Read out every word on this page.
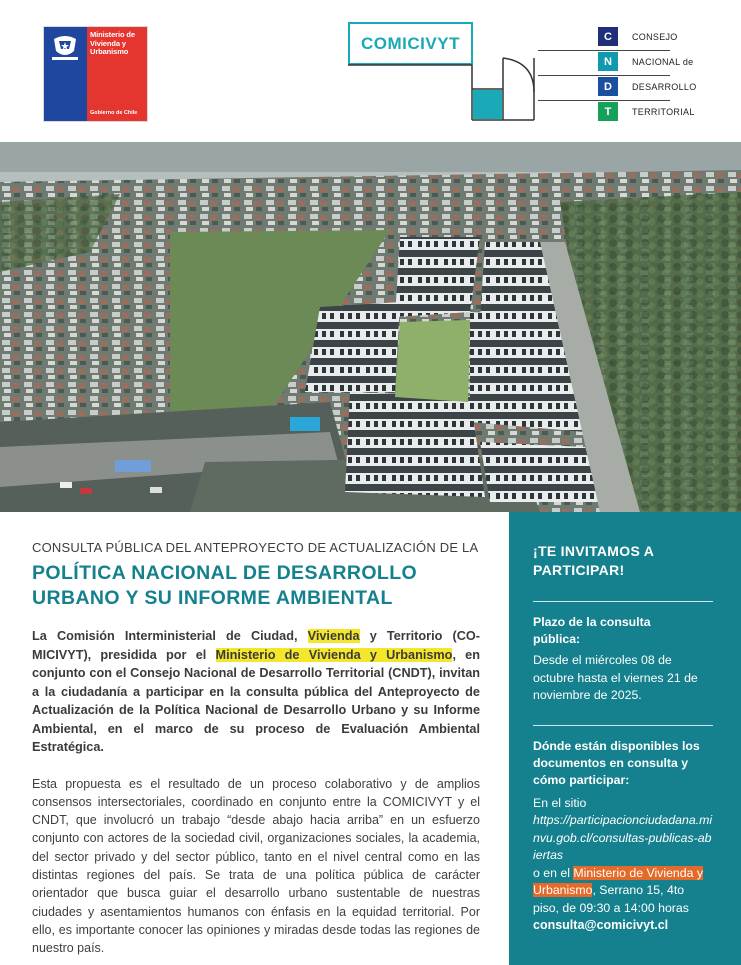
Ministerio de
Vivienda y
Urbanismo
Gobierno de Chile
COMICIVYT	C	CONSEJO
N	NACIONAL de
D	DESARROLLO
T	TERRITORIAL
CONSULTA PÚBLICA DEL ANTEPROYECTO DE ACTUALIZACIÓN DE LA
POLÍTICA NACIONAL DE DESARROLLO
URBANO Y SU INFORME AMBIENTAL

La Comisión Interministerial de Ciudad, Vivienda y Territorio (CO-MICIVYT), presidida por el Ministerio de Vivienda y Urbanismo, en conjunto con el Consejo Nacional de Desarrollo Territorial (CNDT), invitan a la ciudadanía a participar en la consulta pública del Anteproyecto de Actualización de la Política Nacional de Desarrollo Urbano y su Informe Ambiental, en el marco de su proceso de Evaluación Ambiental Estratégica.

Esta propuesta es el resultado de un proceso colaborativo y de amplios consensos intersectoriales, coordinado en conjunto entre la COMICIVYT y el CNDT, que involucró un trabajo “desde abajo hacia arriba” en un esfuerzo conjunto con actores de la sociedad civil, organizaciones sociales, la academia, del sector privado y del sector público, tanto en el nivel central como en las distintas regiones del país. Se trata de una política pública de carácter orientador que busca guiar el desarrollo urbano sustentable de nuestras ciudades y asentamientos humanos con énfasis en la equidad territorial. Por ello, es importante conocer las opiniones y miradas desde todas las regiones de nuestro país.

¡TE INVITAMOS A PARTICIPAR!
Plazo de la consulta pública:
Desde el miércoles 08 de octubre hasta el viernes 21 de noviembre de 2025.
Dónde están disponibles los documentos en consulta y cómo participar:
En el sitio
https://participacionciudadana.minvu.gob.cl/consultas-publicas-abiertas
o en el Ministerio de Vivienda y Urbanismo, Serrano 15, 4to piso, de 09:30 a 14:00 horas
consulta@comicivyt.cl
